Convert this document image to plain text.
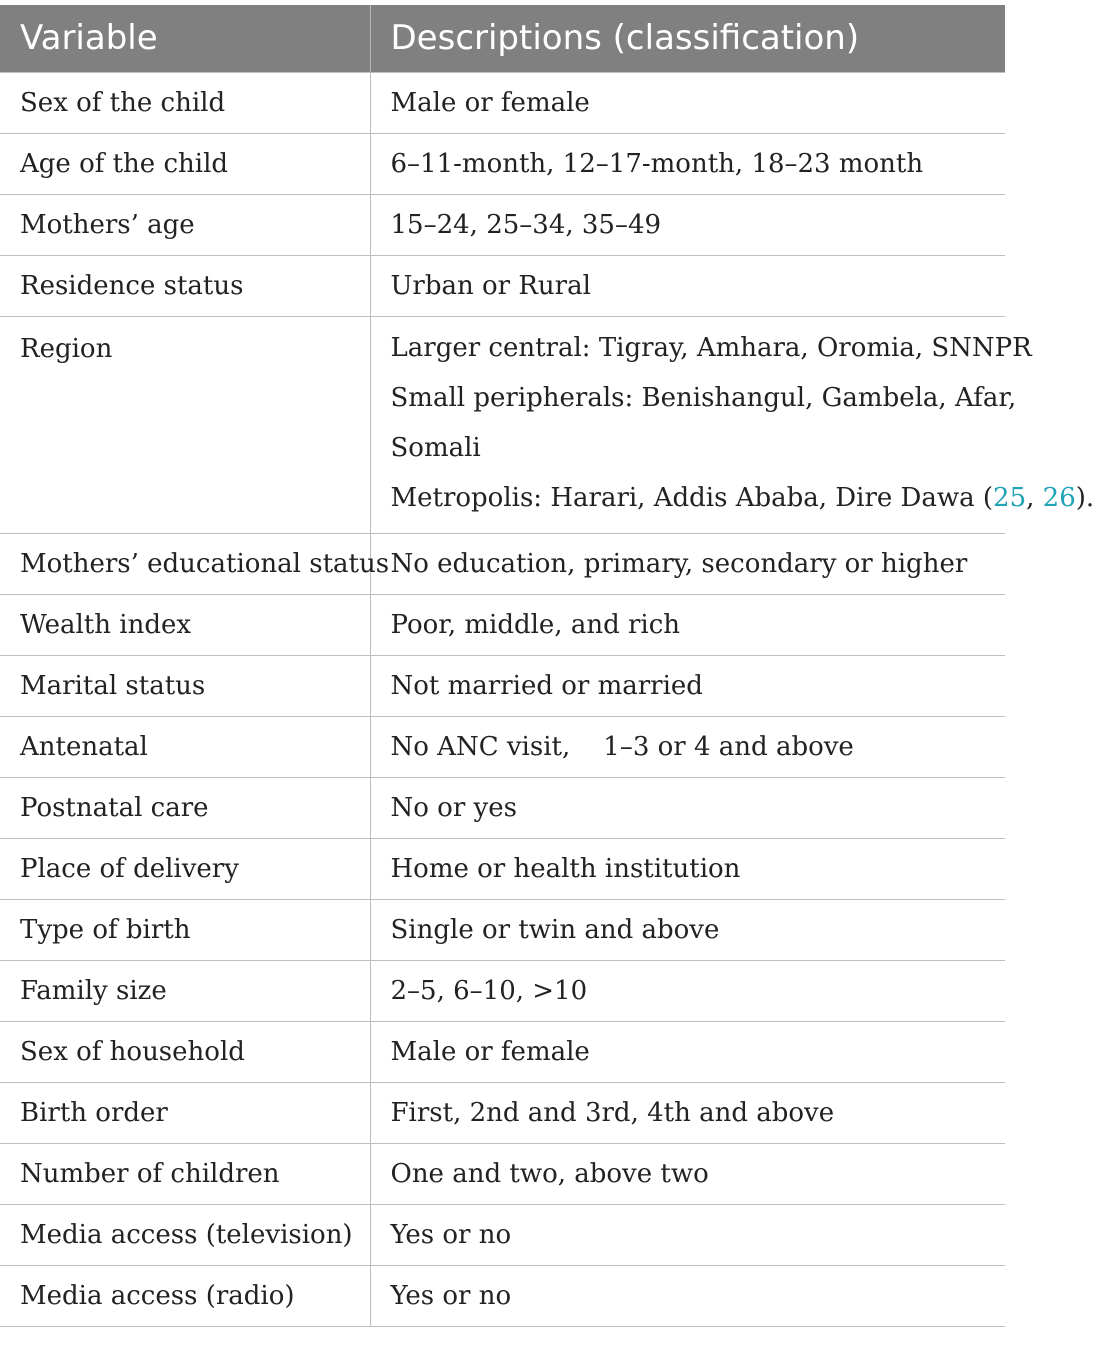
Variable	Descriptions (classification)
Sex of the child	Male or female
Age of the child	6–11-month, 12–17-month, 18–23 month
Mothers’ age	15–24, 25–34, 35–49
Residence status	Urban or Rural

Region	Larger central: Tigray, Amhara, Oromia, SNNPR
Small peripherals: Benishangul, Gambela, Afar,
Somali
Metropolis: Harari, Addis Ababa, Dire Dawa (25, 26).

Mothers’ educational status	No education, primary, secondary or higher
Wealth index	Poor, middle, and rich
Marital status	Not married or married
Antenatal	No ANC visit,    1–3 or 4 and above
Postnatal care	No or yes
Place of delivery	Home or health institution
Type of birth	Single or twin and above
Family size	2–5, 6–10, >10
Sex of household	Male or female
Birth order	First, 2nd and 3rd, 4th and above
Number of children	One and two, above two
Media access (television)	Yes or no
Media access (radio)	Yes or no
